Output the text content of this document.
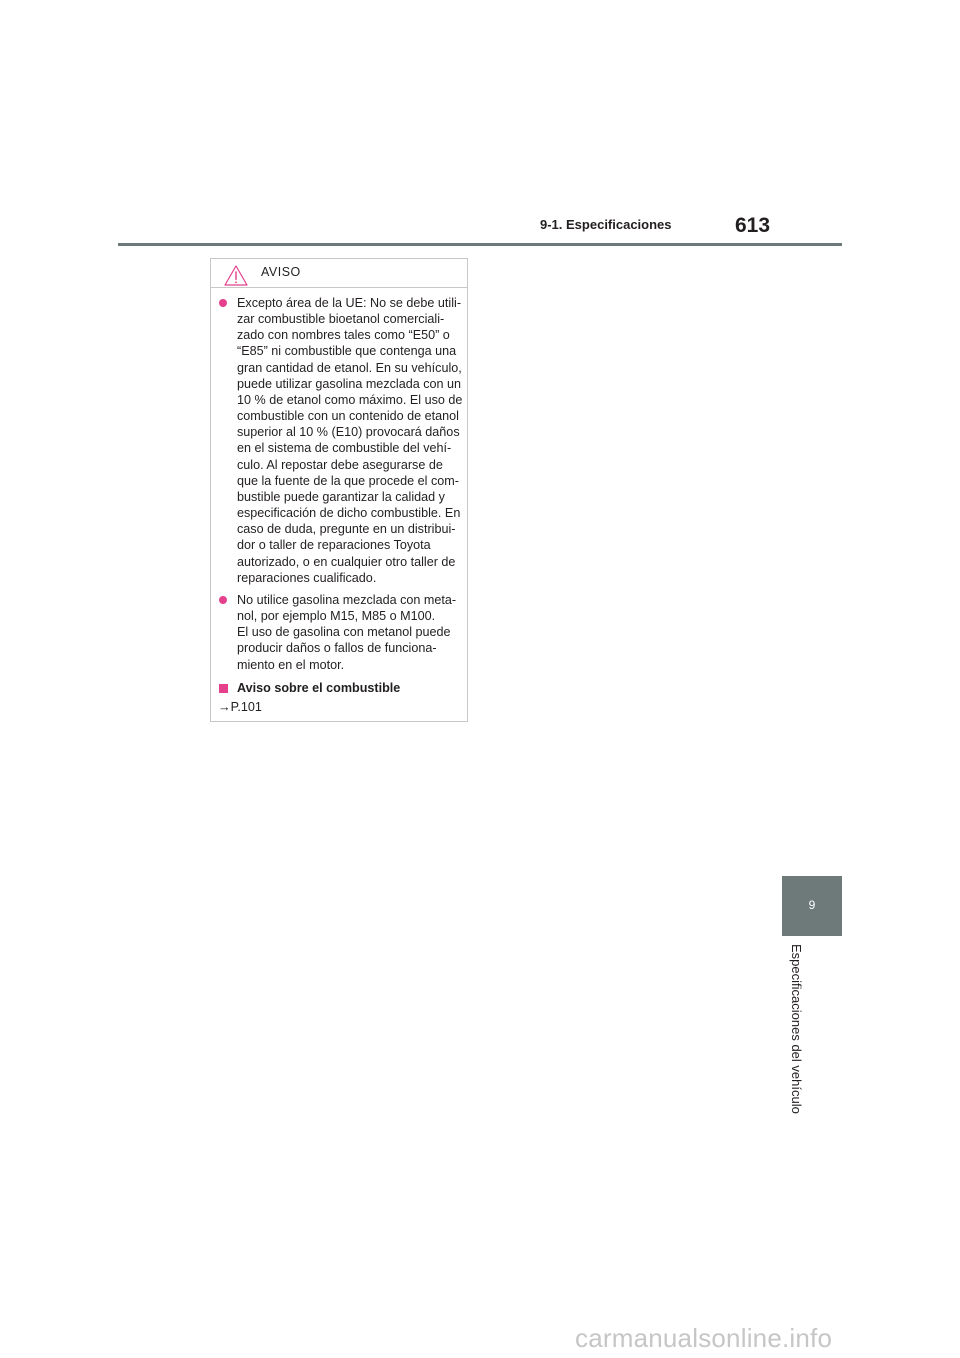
9-1. Especificaciones	613
AVISO
Excepto área de la UE: No se debe utili-
zar combustible bioetanol comerciali-
zado con nombres tales como “E50” o
“E85” ni combustible que contenga una
gran cantidad de etanol. En su vehículo,
puede utilizar gasolina mezclada con un
10 % de etanol como máximo. El uso de
combustible con un contenido de etanol
superior al 10 % (E10) provocará daños
en el sistema de combustible del vehí-
culo. Al repostar debe asegurarse de
que la fuente de la que procede el com-
bustible puede garantizar la calidad y
especificación de dicho combustible. En
caso de duda, pregunte en un distribui-
dor o taller de reparaciones Toyota
autorizado, o en cualquier otro taller de
reparaciones cualificado.
No utilice gasolina mezclada con meta-
nol, por ejemplo M15, M85 o M100.
El uso de gasolina con metanol puede
producir daños o fallos de funciona-
miento en el motor.
Aviso sobre el combustible
→P.101
9
Especificaciones del vehículo
carmanualsonline.info
